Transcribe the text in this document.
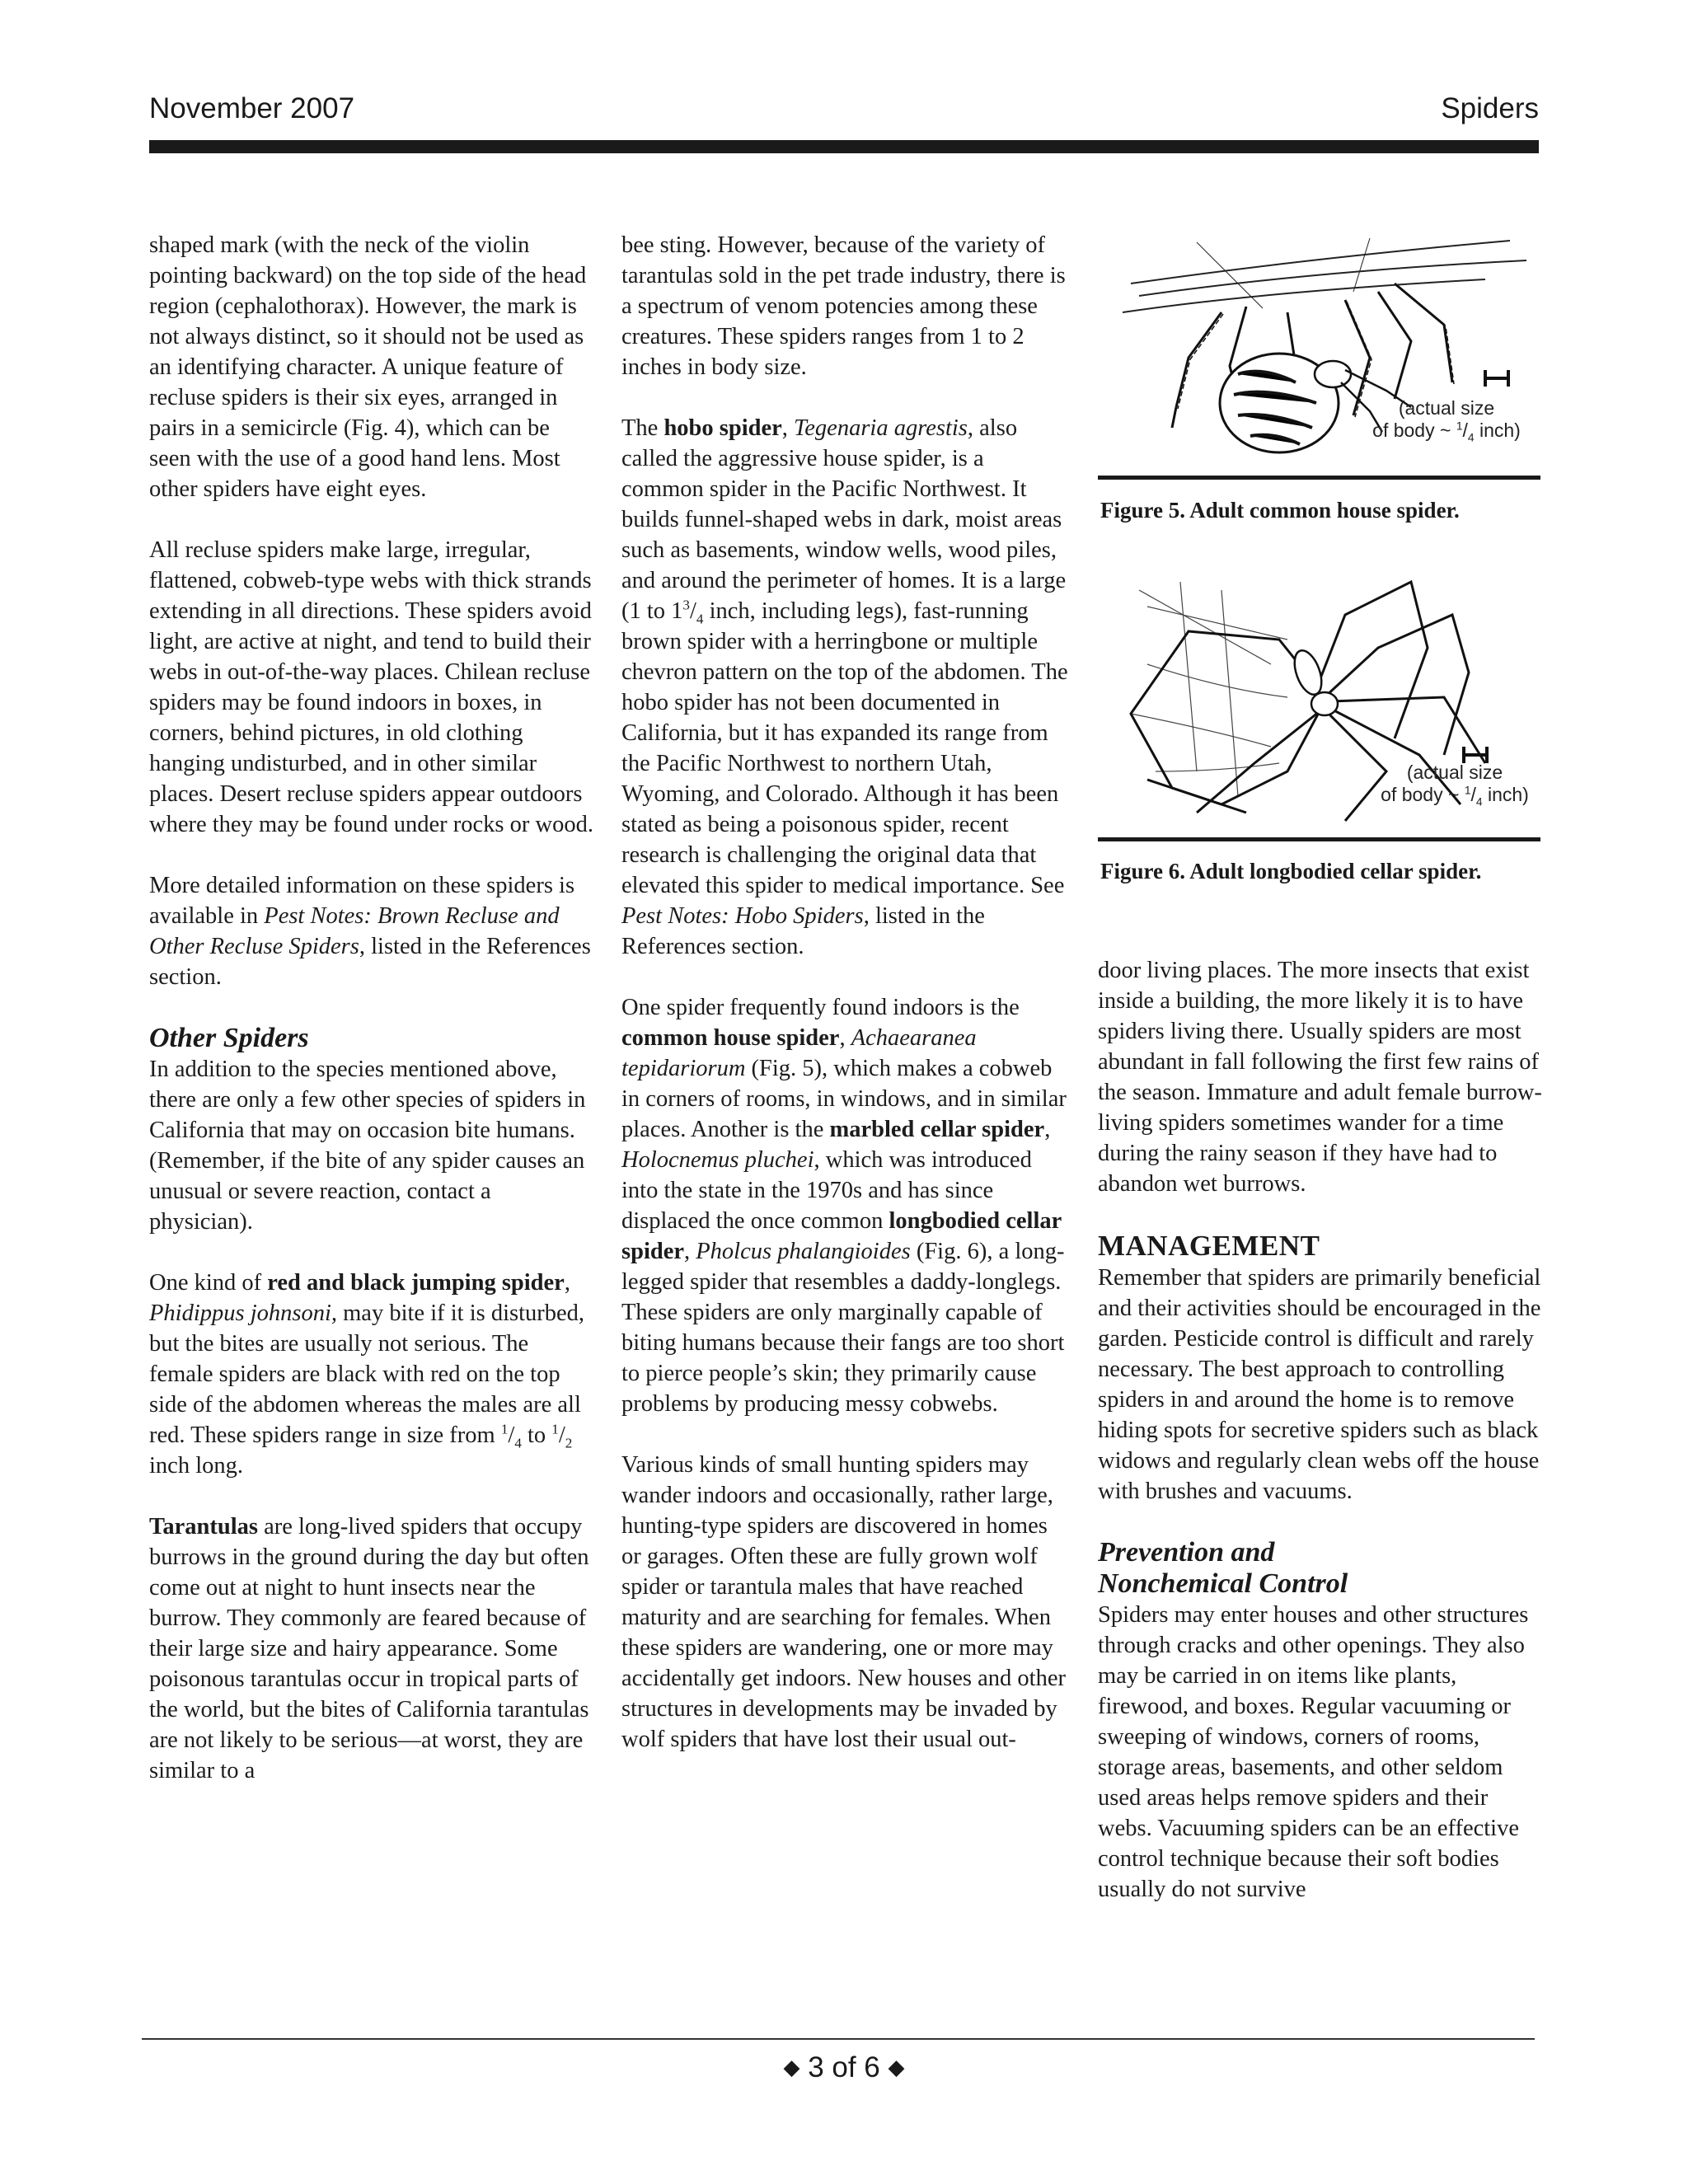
November 2007	Spiders

shaped mark (with the neck of the violin pointing backward) on the top side of the head region (cephalothorax). However, the mark is not always distinct, so it should not be used as an identifying character. A unique feature of recluse spiders is their six eyes, arranged in pairs in a semicircle (Fig. 4), which can be seen with the use of a good hand lens. Most other spiders have eight eyes.

All recluse spiders make large, irregular, flattened, cobweb-type webs with thick strands extending in all directions. These spiders avoid light, are active at night, and tend to build their webs in out-of-the-way places. Chilean recluse spiders may be found indoors in boxes, in corners, behind pictures, in old clothing hanging undisturbed, and in other similar places. Desert recluse spiders appear outdoors where they may be found under rocks or wood.

More detailed information on these spiders is available in Pest Notes: Brown Recluse and Other Recluse Spiders, listed in the References section.

Other Spiders

In addition to the species mentioned above, there are only a few other species of spiders in California that may on occasion bite humans. (Remember, if the bite of any spider causes an unusual or severe reaction, contact a physician).

One kind of red and black jumping spider, Phidippus johnsoni, may bite if it is disturbed, but the bites are usually not serious. The female spiders are black with red on the top side of the abdomen whereas the males are all red. These spiders range in size from $^1/_4$ to $^1/_2$ inch long.

Tarantulas are long-lived spiders that occupy burrows in the ground during the day but often come out at night to hunt insects near the burrow. They commonly are feared because of their large size and hairy appearance. Some poisonous tarantulas occur in tropical parts of the world, but the bites of California tarantulas are not likely to be serious—at worst, they are similar to a

bee sting. However, because of the variety of tarantulas sold in the pet trade industry, there is a spectrum of venom potencies among these creatures. These spiders ranges from 1 to 2 inches in body size.

The hobo spider, Tegenaria agrestis, also called the aggressive house spider, is a common spider in the Pacific Northwest. It builds funnel-shaped webs in dark, moist areas such as basements, window wells, wood piles, and around the perimeter of homes. It is a large (1 to $1^3/_4$ inch, including legs), fast-running brown spider with a herringbone or multiple chevron pattern on the top of the abdomen. The hobo spider has not been documented in California, but it has expanded its range from the Pacific Northwest to northern Utah, Wyoming, and Colorado. Although it has been stated as being a poisonous spider, recent research is challenging the original data that elevated this spider to medical importance. See Pest Notes: Hobo Spiders, listed in the References section.

One spider frequently found indoors is the common house spider, Achaearanea tepidariorum (Fig. 5), which makes a cobweb in corners of rooms, in windows, and in similar places. Another is the marbled cellar spider, Holocnemus pluchei, which was introduced into the state in the 1970s and has since displaced the once common longbodied cellar spider, Pholcus phalangioides (Fig. 6), a long-legged spider that resembles a daddy-longlegs. These spiders are only marginally capable of biting humans because their fangs are too short to pierce people’s skin; they primarily cause problems by producing messy cobwebs.

Various kinds of small hunting spiders may wander indoors and occasionally, rather large, hunting-type spiders are discovered in homes or garages. Often these are fully grown wolf spider or tarantula males that have reached maturity and are searching for females. When these spiders are wandering, one or more may accidentally get indoors. New houses and other structures in developments may be invaded by wolf spiders that have lost their usual out-

(actual size
of body ~ $^1/_4$ inch)
Figure 5. Adult common house spider.
(actual size
of body ~ $^1/_4$ inch)
Figure 6. Adult longbodied cellar spider.

door living places. The more insects that exist inside a building, the more likely it is to have spiders living there. Usually spiders are most abundant in fall following the first few rains of the season. Immature and adult female burrow-living spiders sometimes wander for a time during the rainy season if they have had to abandon wet burrows.

MANAGEMENT

Remember that spiders are primarily beneficial and their activities should be encouraged in the garden. Pesticide control is difficult and rarely necessary. The best approach to controlling spiders in and around the home is to remove hiding spots for secretive spiders such as black widows and regularly clean webs off the house with brushes and vacuums.

Prevention and
Nonchemical Control

Spiders may enter houses and other structures through cracks and other openings. They also may be carried in on items like plants, firewood, and boxes. Regular vacuuming or sweeping of windows, corners of rooms, storage areas, basements, and other seldom used areas helps remove spiders and their webs. Vacuuming spiders can be an effective control technique because their soft bodies usually do not survive

◆ 3 of 6 ◆
